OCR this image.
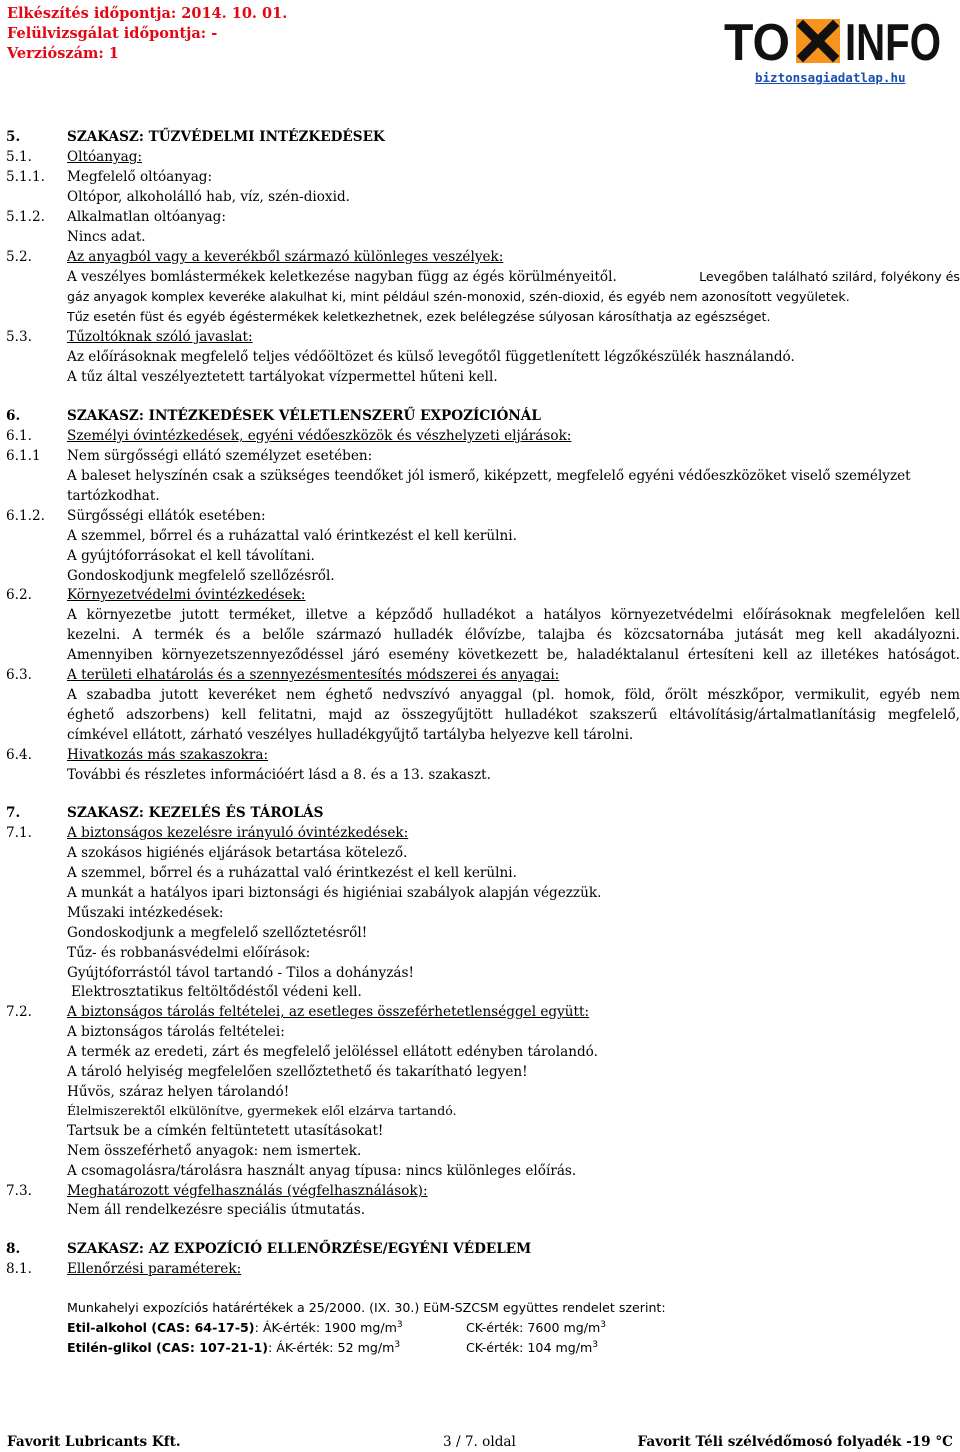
Elkészítés időpontja: 2014. 10. 01.
Felülvizsgálat időpontja: -
Verziószám: 1	TO INFO
biztonsagiadatlap.hu
5.	SZAKASZ: TŰZVÉDELMI INTÉZKEDÉSEK
5.1.	Oltóanyag:
5.1.1. Megfelelő oltóanyag:
Oltópor, alkoholálló hab, víz, szén-dioxid.
5.1.2. Alkalmatlan oltóanyag:
Nincs adat.
5.2.	Az anyagból vagy a keverékből származó különleges veszélyek:
A veszélyes bomlástermékek keletkezése nagyban függ az égés körülményeitől.	Levegőben található szilárd, folyékony és
gáz anyagok komplex keveréke alakulhat ki, mint például szén-monoxid, szén-dioxid, és egyéb nem azonosított vegyületek.
Tűz esetén füst és egyéb égéstermékek keletkezhetnek, ezek belélegzése súlyosan károsíthatja az egészséget.
5.3.	Tűzoltóknak szóló javaslat:
Az előírásoknak megfelelő teljes védőöltözet és külső levegőtől függetlenített légzőkészülék használandó.
A tűz által veszélyeztetett tartályokat vízpermettel hűteni kell.
6.	SZAKASZ: INTÉZKEDÉSEK VÉLETLENSZERŰ EXPOZÍCIÓNÁL
6.1.	Személyi óvintézkedések, egyéni védőeszközök és vészhelyzeti eljárások:
6.1.1 Nem sürgősségi ellátó személyzet esetében:
A baleset helyszínén csak a szükséges teendőket jól ismerő, kiképzett, megfelelő egyéni védőeszközöket viselő személyzet
tartózkodhat.
6.1.2. Sürgősségi ellátók esetében:
A szemmel, bőrrel és a ruházattal való érintkezést el kell kerülni.
A gyújtóforrásokat el kell távolítani.
Gondoskodjunk megfelelő szellőzésről.
6.2.	Környezetvédelmi óvintézkedések:
A környezetbe jutott terméket, illetve a képződő hulladékot a hatályos környezetvédelmi előírásoknak megfelelően kell
kezelni. A termék és a belőle származó hulladék élővízbe, talajba és közcsatornába jutását meg kell akadályozni.
Amennyiben környezetszennyeződéssel járó esemény következett be, haladéktalanul értesíteni kell az illetékes hatóságot.
6.3.	A területi elhatárolás és a szennyezésmentesítés módszerei és anyagai:
A szabadba jutott keveréket nem éghető nedvszívó anyaggal (pl. homok, föld, őrölt mészkőpor, vermikulit, egyéb nem
éghető adszorbens) kell felitatni, majd az összegyűjtött hulladékot szakszerű eltávolításig/ártalmatlanításig megfelelő,
címkével ellátott, zárható veszélyes hulladékgyűjtő tartályba helyezve kell tárolni.
6.4.	Hivatkozás más szakaszokra:
További és részletes információért lásd a 8. és a 13. szakaszt.
7.	SZAKASZ: KEZELÉS ÉS TÁROLÁS
7.1.	A biztonságos kezelésre irányuló óvintézkedések:
A szokásos higiénés eljárások betartása kötelező.
A szemmel, bőrrel és a ruházattal való érintkezést el kell kerülni.
A munkát a hatályos ipari biztonsági és higiéniai szabályok alapján végezzük.
Műszaki intézkedések:
Gondoskodjunk a megfelelő szellőztetésről!
Tűz- és robbanásvédelmi előírások:
Gyújtóforrástól távol tartandó - Tilos a dohányzás!
Elektrosztatikus feltöltődéstől védeni kell.
7.2.	A biztonságos tárolás feltételei, az esetleges összeférhetetlenséggel együtt:
A biztonságos tárolás feltételei:
A termék az eredeti, zárt és megfelelő jelöléssel ellátott edényben tárolandó.
A tároló helyiség megfelelően szellőztethető és takarítható legyen!
Hűvös, száraz helyen tárolandó!
Élelmiszerektől elkülönítve, gyermekek elől elzárva tartandó.
Tartsuk be a címkén feltüntetett utasításokat!
Nem összeférhető anyagok: nem ismertek.
A csomagolásra/tárolásra használt anyag típusa: nincs különleges előírás.
7.3.	Meghatározott végfelhasználás (végfelhasználások):
Nem áll rendelkezésre speciális útmutatás.
8.	SZAKASZ: AZ EXPOZÍCIÓ ELLENŐRZÉSE/EGYÉNI VÉDELEM
8.1.	Ellenőrzési paraméterek:
Munkahelyi expozíciós határértékek a 25/2000. (IX. 30.) EüM-SZCSM együttes rendelet szerint:
Etil-alkohol (CAS: 64-17-5): ÁK-érték: 1900 $mg/m^3$	CK-érték: 7600 $mg/m^3$
Etilén-glikol (CAS: 107-21-1): ÁK-érték: 52 $mg/m^3$	CK-érték: 104 $mg/m^3$
Favorit Lubricants Kft.	3 / 7. oldal	Favorit Téli szélvédőmosó folyadék -19 °C
